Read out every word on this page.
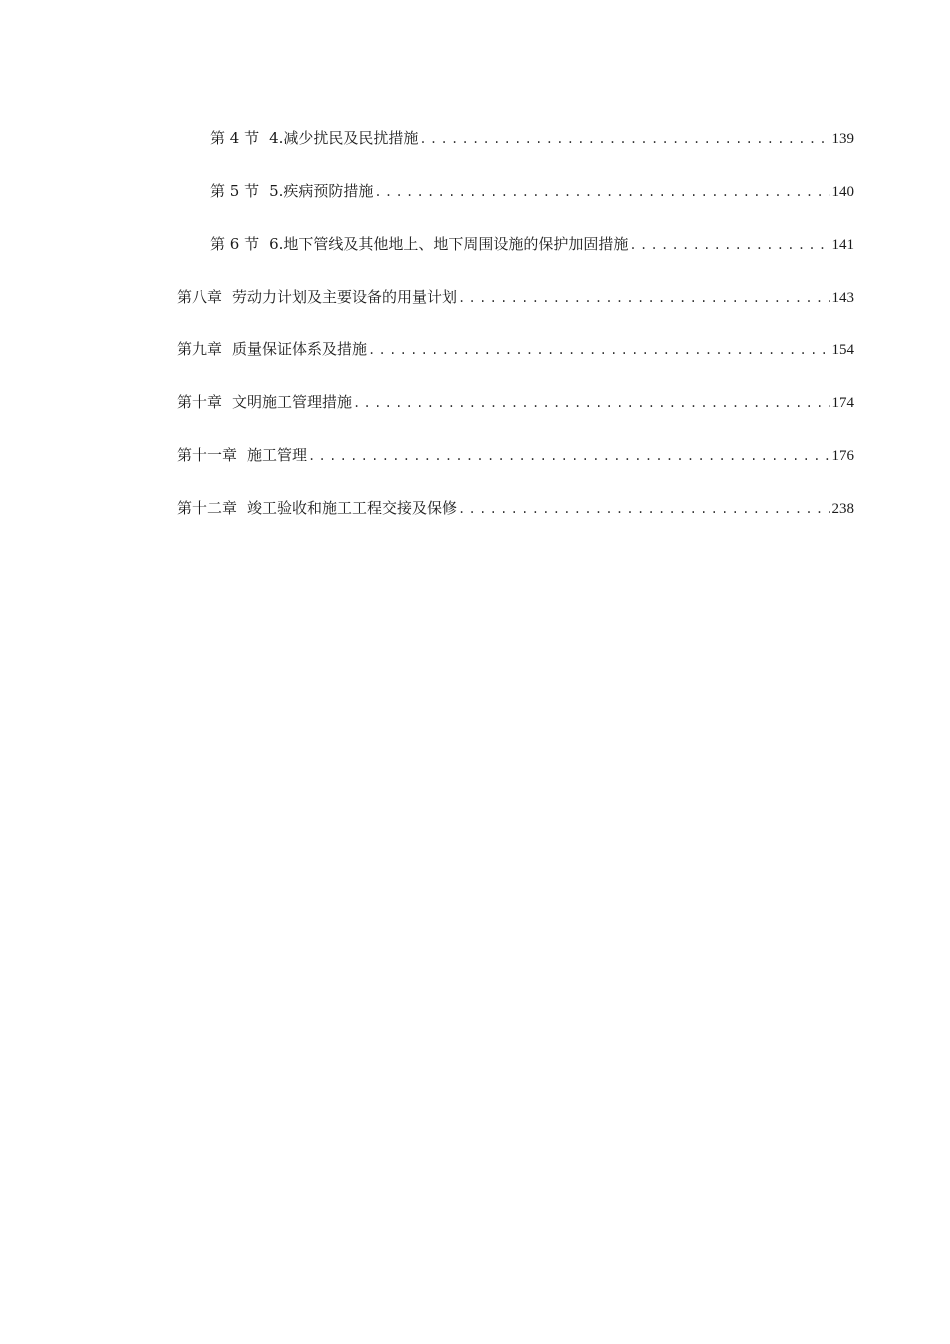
第 4 节 4.减少扰民及民扰措施 .....	139
第 5 节 5.疾病预防措施 .....	140
第 6 节 6.地下管线及其他地上、地下周围设施的保护加固措施 .....	141
第八章 劳动力计划及主要设备的用量计划 .....	143
第九章 质量保证体系及措施 .....	154
第十章 文明施工管理措施 .....	174
第十一章 施工管理 .....	176
第十二章 竣工验收和施工工程交接及保修 .....	238
